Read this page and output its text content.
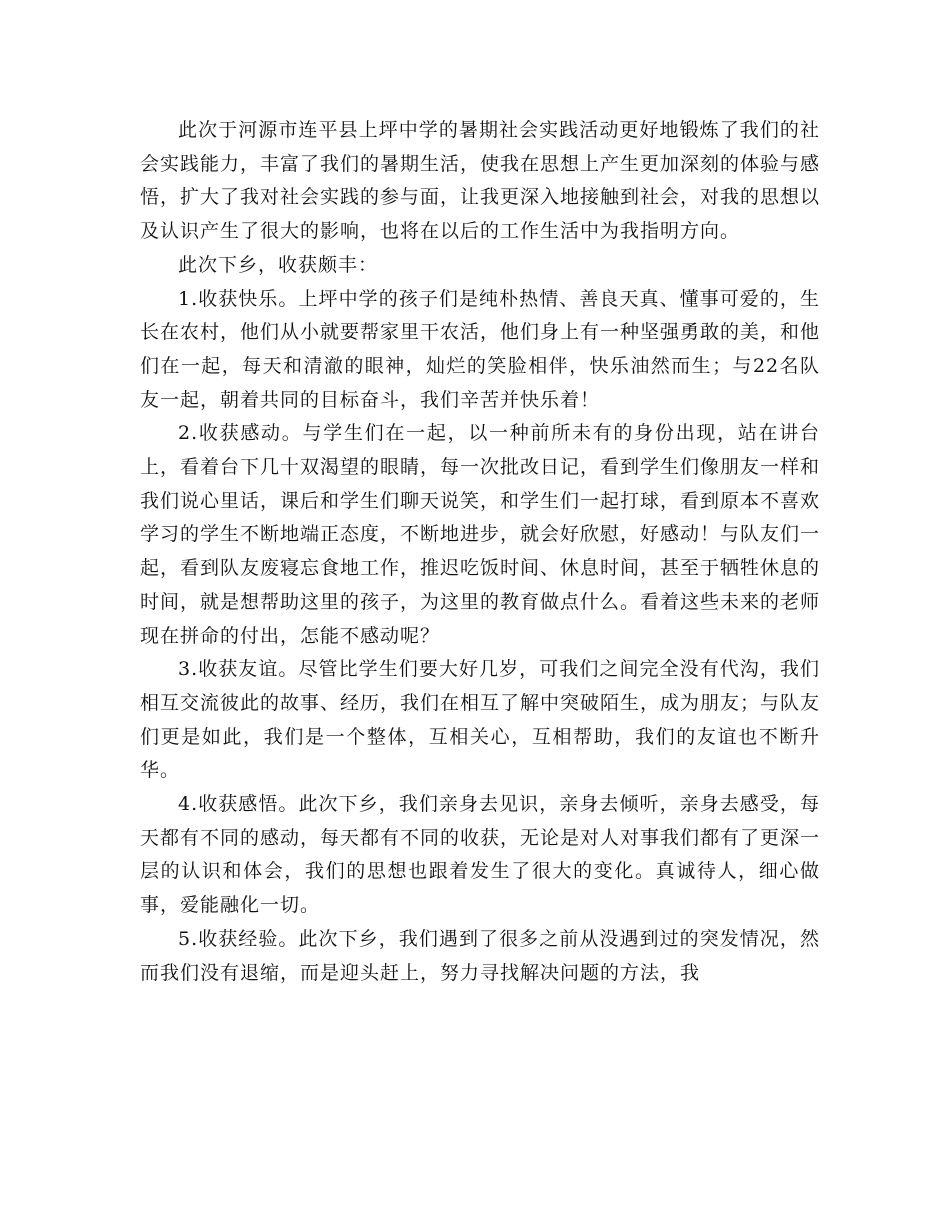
此次于河源市连平县上坪中学的暑期社会实践活动更好地锻炼了我们的社会实践能力，丰富了我们的暑期生活，使我在思想上产生更加深刻的体验与感悟，扩大了我对社会实践的参与面，让我更深入地接触到社会，对我的思想以及认识产生了很大的影响，也将在以后的工作生活中为我指明方向。

此次下乡，收获颇丰：

1.收获快乐。上坪中学的孩子们是纯朴热情、善良天真、懂事可爱的，生长在农村，他们从小就要帮家里干农活，他们身上有一种坚强勇敢的美，和他们在一起，每天和清澈的眼神，灿烂的笑脸相伴，快乐油然而生；与22名队友一起，朝着共同的目标奋斗，我们辛苦并快乐着！

2.收获感动。与学生们在一起，以一种前所未有的身份出现，站在讲台上，看着台下几十双渴望的眼睛，每一次批改日记，看到学生们像朋友一样和我们说心里话，课后和学生们聊天说笑，和学生们一起打球，看到原本不喜欢学习的学生不断地端正态度，不断地进步，就会好欣慰，好感动！与队友们一起，看到队友废寝忘食地工作，推迟吃饭时间、休息时间，甚至于牺牲休息的时间，就是想帮助这里的孩子，为这里的教育做点什么。看着这些未来的老师现在拼命的付出，怎能不感动呢？

3.收获友谊。尽管比学生们要大好几岁，可我们之间完全没有代沟，我们相互交流彼此的故事、经历，我们在相互了解中突破陌生，成为朋友；与队友们更是如此，我们是一个整体，互相关心，互相帮助，我们的友谊也不断升华。

4.收获感悟。此次下乡，我们亲身去见识，亲身去倾听，亲身去感受，每天都有不同的感动，每天都有不同的收获，无论是对人对事我们都有了更深一层的认识和体会，我们的思想也跟着发生了很大的变化。真诚待人，细心做事，爱能融化一切。

5.收获经验。此次下乡，我们遇到了很多之前从没遇到过的突发情况，然而我们没有退缩，而是迎头赶上，努力寻找解决问题的方法，我
